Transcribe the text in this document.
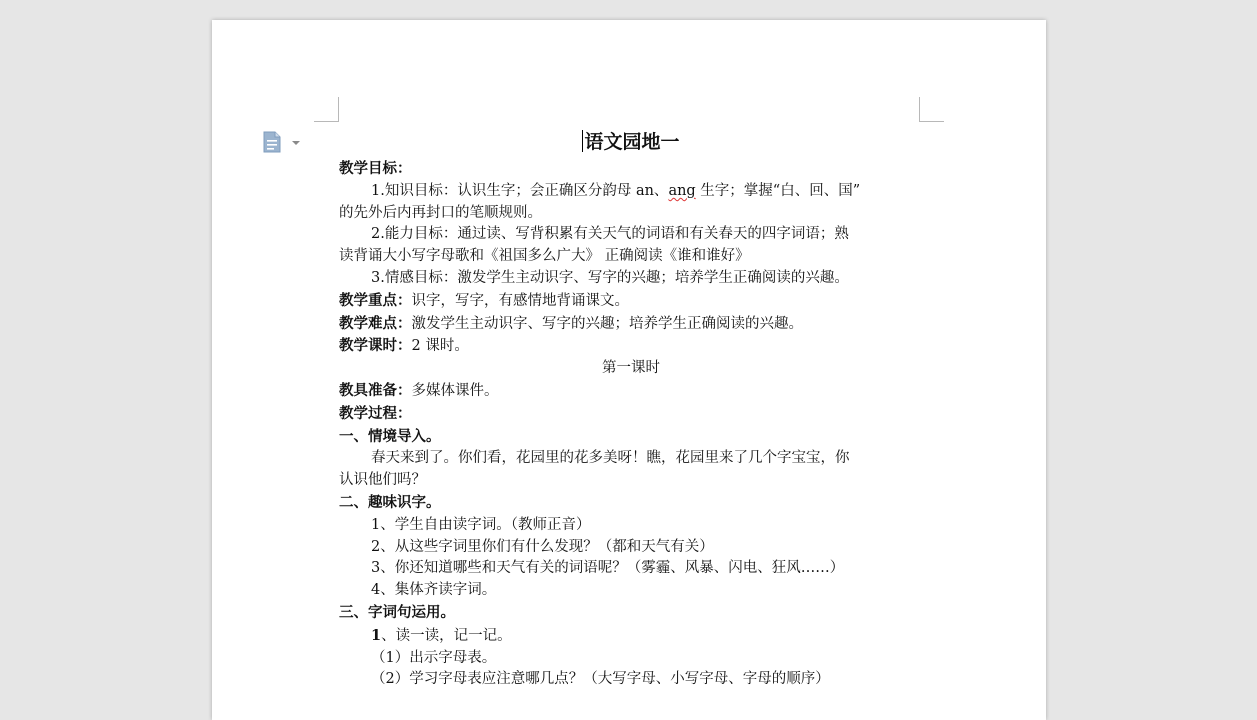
语文园地一
教学目标：
1.知识目标：认识生字；会正确区分韵母 an、ang 生字；掌握“白、回、国”
的先外后内再封口的笔顺规则。
2.能力目标：通过读、写背积累有关天气的词语和有关春天的四字词语；熟
读背诵大小写字母歌和《祖国多么广大》 正确阅读《谁和谁好》
3.情感目标：激发学生主动识字、写字的兴趣；培养学生正确阅读的兴趣。
教学重点：识字，写字，有感情地背诵课文。
教学难点：激发学生主动识字、写字的兴趣；培养学生正确阅读的兴趣。
教学课时：2 课时。
第一课时
教具准备：多媒体课件。
教学过程：
一、情境导入。
春天来到了。你们看，花园里的花多美呀！瞧，花园里来了几个字宝宝，你
认识他们吗？
二、趣味识字。
1、学生自由读字词。（教师正音）
2、从这些字词里你们有什么发现？（都和天气有关）
3、你还知道哪些和天气有关的词语呢？（雾霾、风暴、闪电、狂风……）
4、集体齐读字词。
三、字词句运用。
1、读一读，记一记。
（1）出示字母表。
（2）学习字母表应注意哪几点？（大写字母、小写字母、字母的顺序）
